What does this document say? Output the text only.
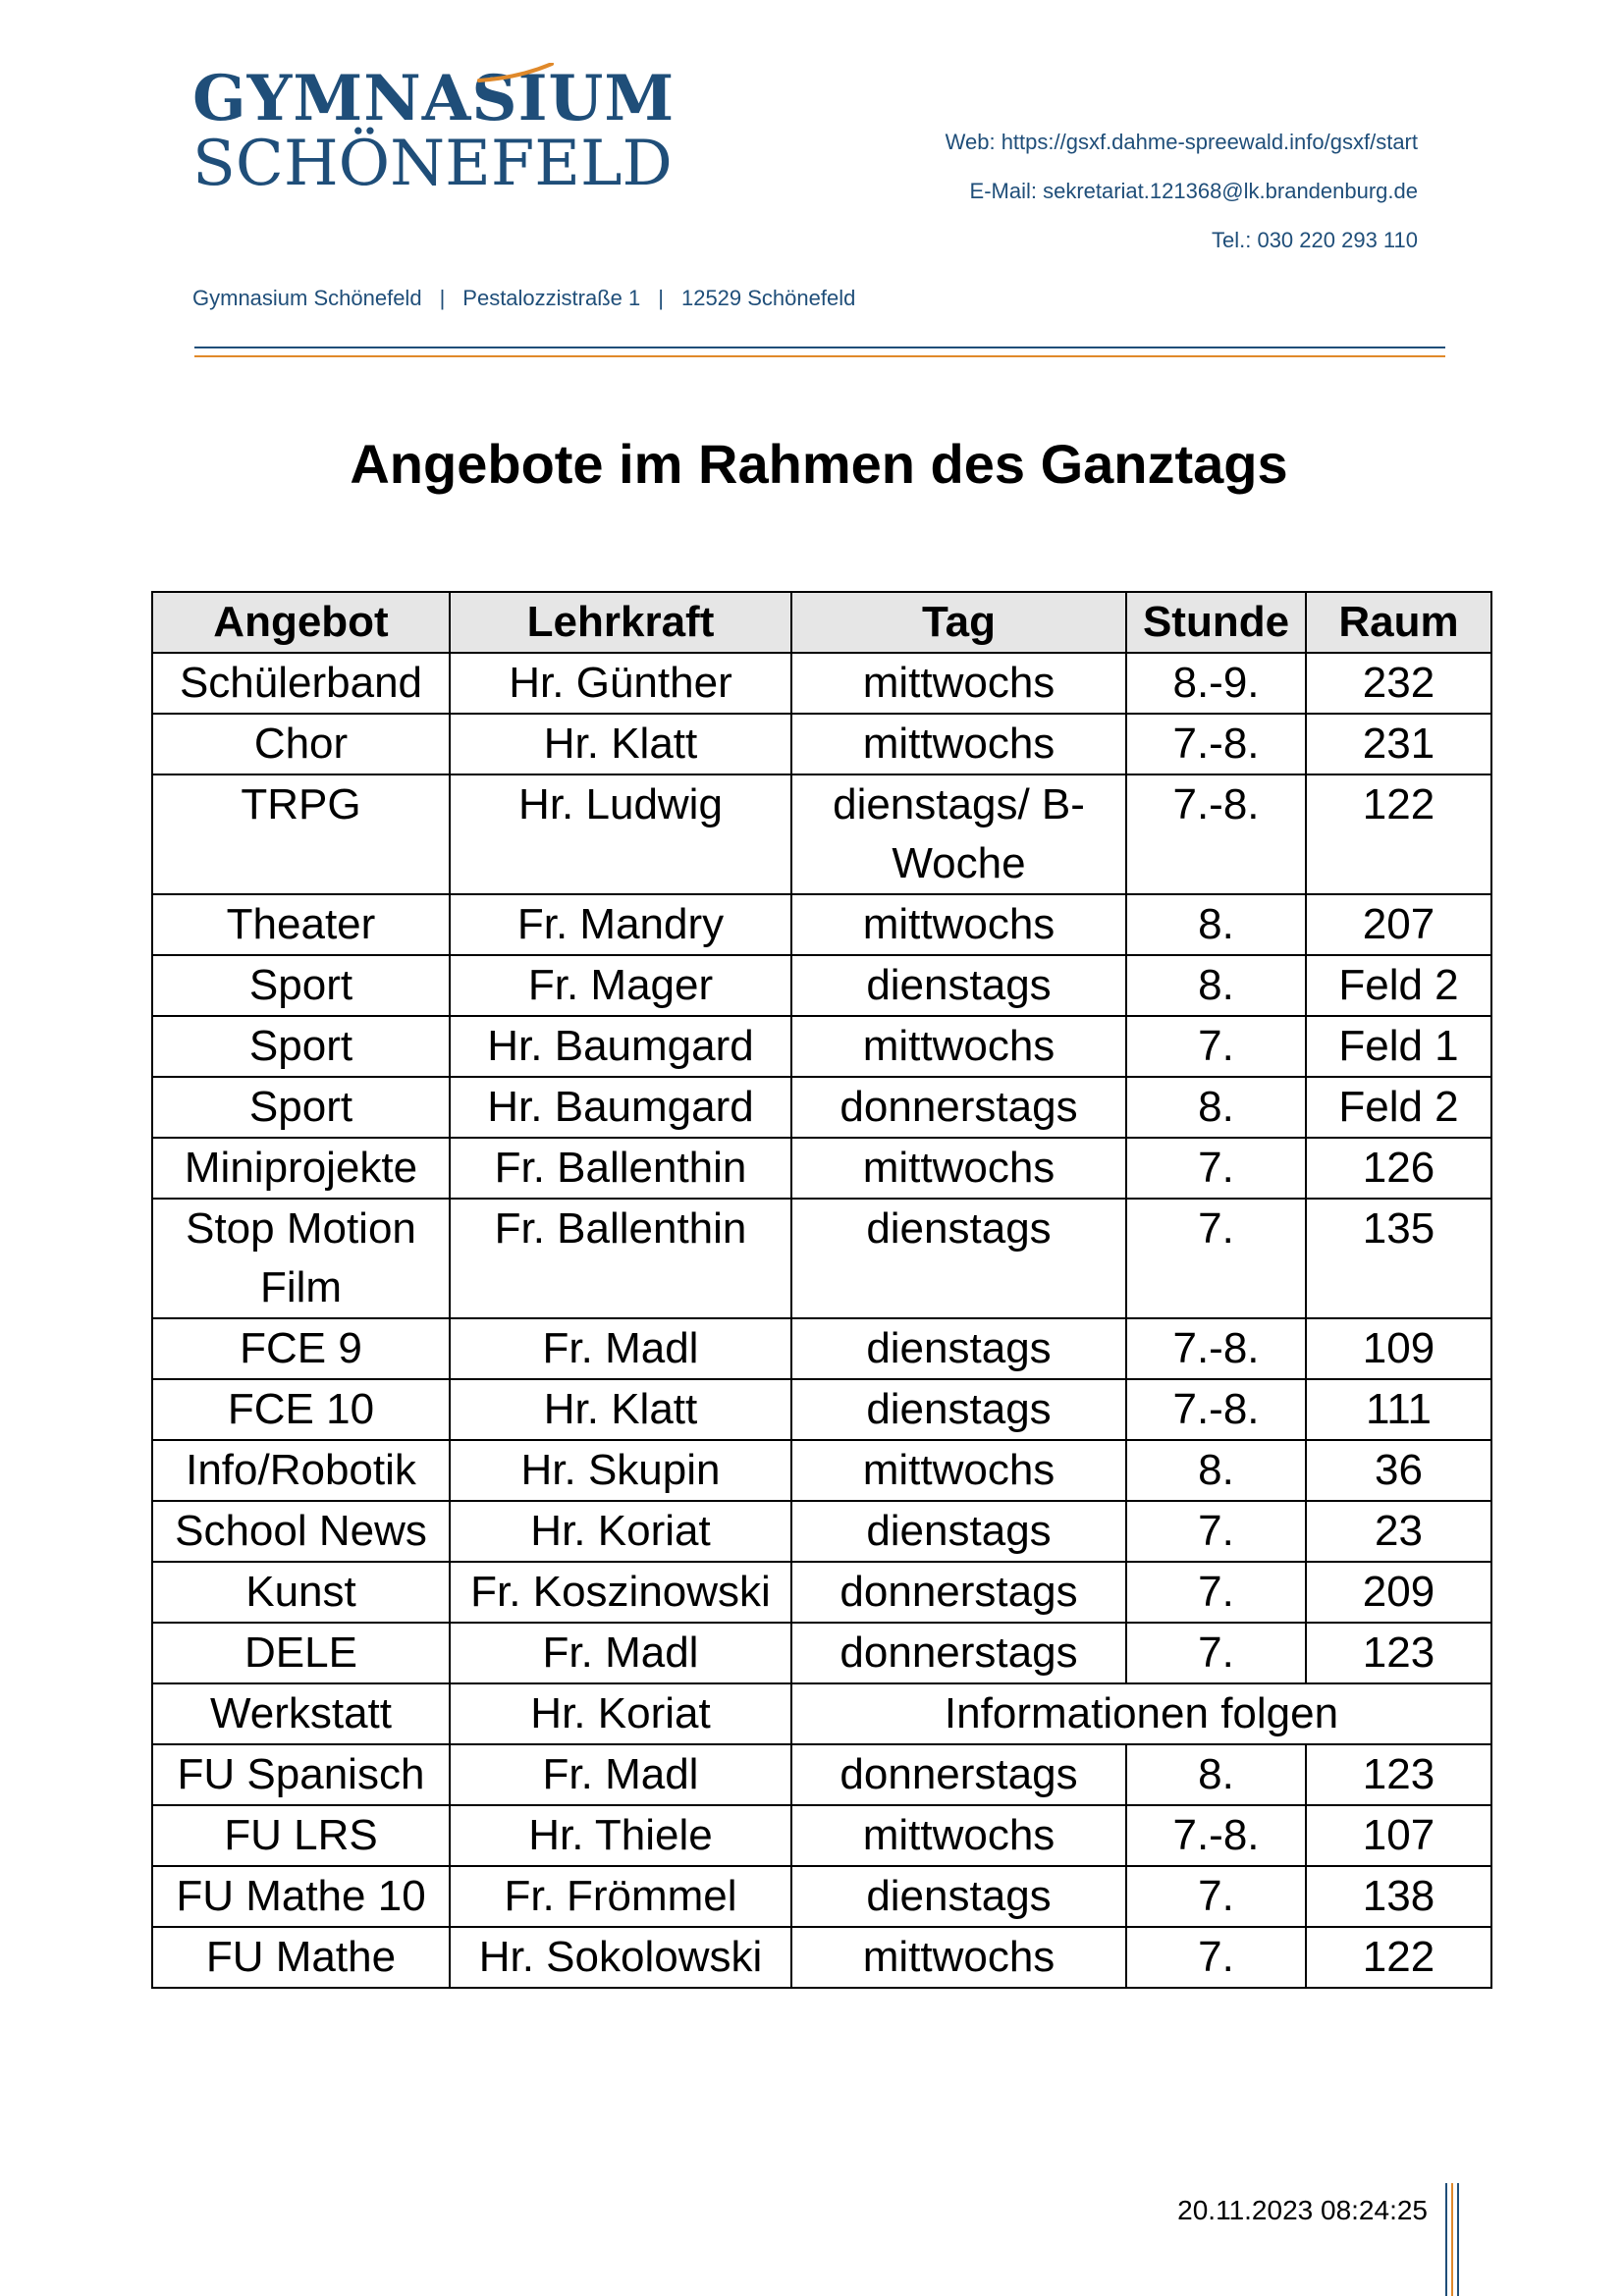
GYMNASIUM
SCHÖNEFELD	Web: https://gsxf.dahme-spreewald.info/gsxf/start
E-Mail: sekretariat.121368@lk.brandenburg.de
Tel.: 030 220 293 110
Gymnasium Schönefeld | Pestalozzistraße 1 | 12529 Schönefeld
Angebote im Rahmen des Ganztags
Angebot	Lehrkraft	Tag	Stunde	Raum
Schülerband	Hr. Günther	mittwochs	8.-9.	232
Chor	Hr. Klatt	mittwochs	7.-8.	231
TRPG	Hr. Ludwig	dienstags/ B-Woche	7.-8.	122
Theater	Fr. Mandry	mittwochs	8.	207
Sport	Fr. Mager	dienstags	8.	Feld 2
Sport	Hr. Baumgard	mittwochs	7.	Feld 1
Sport	Hr. Baumgard	donnerstags	8.	Feld 2
Miniprojekte	Fr. Ballenthin	mittwochs	7.	126
Stop Motion Film	Fr. Ballenthin	dienstags	7.	135
FCE 9	Fr. Madl	dienstags	7.-8.	109
FCE 10	Hr. Klatt	dienstags	7.-8.	111
Info/Robotik	Hr. Skupin	mittwochs	8.	36
School News	Hr. Koriat	dienstags	7.	23
Kunst	Fr. Koszinowski	donnerstags	7.	209
DELE	Fr. Madl	donnerstags	7.	123
Werkstatt	Hr. Koriat	Informationen folgen		
FU Spanisch	Fr. Madl	donnerstags	8.	123
FU LRS	Hr. Thiele	mittwochs	7.-8.	107
FU Mathe 10	Fr. Frömmel	dienstags	7.	138
FU Mathe	Hr. Sokolowski	mittwochs	7.	122
20.11.2023 08:24:25
